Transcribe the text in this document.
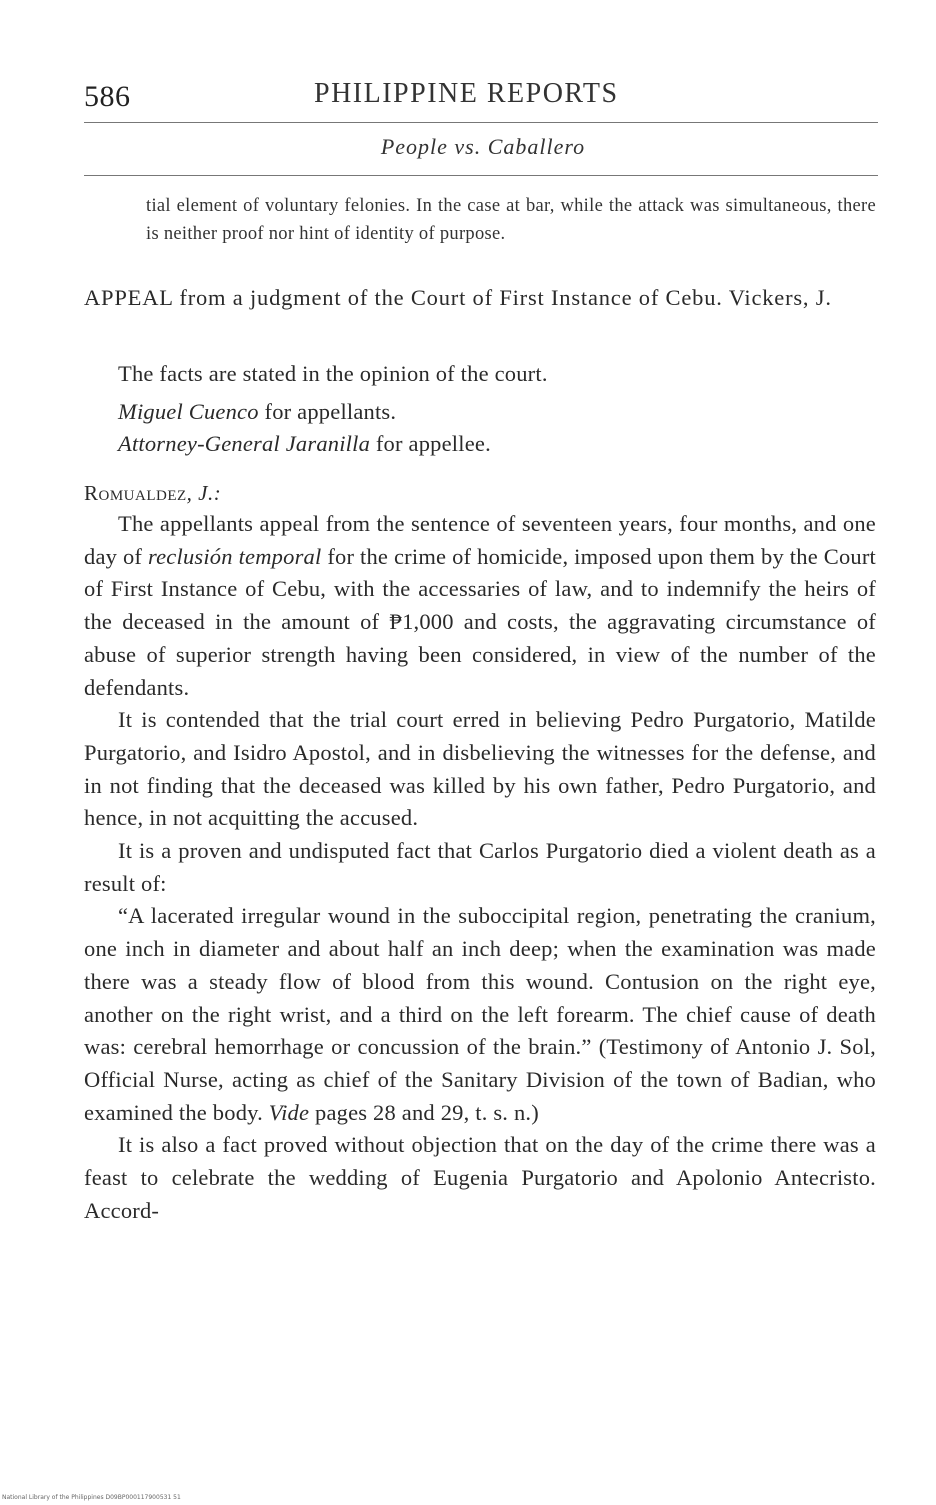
586	PHILIPPINE REPORTS
People vs. Caballero

tial element of voluntary felonies. In the case at bar, while the attack was simultaneous, there is neither proof nor hint of identity of purpose.

APPEAL from a judgment of the Court of First Instance of Cebu. Vickers, J.

The facts are stated in the opinion of the court.

Miguel Cuenco for appellants.

Attorney-General Jaranilla for appellee.

Romualdez, J.:

The appellants appeal from the sentence of seventeen years, four months, and one day of reclusión temporal for the crime of homicide, imposed upon them by the Court of First Instance of Cebu, with the accessaries of law, and to indemnify the heirs of the deceased in the amount of ₱1,000 and costs, the aggravating circumstance of abuse of superior strength having been considered, in view of the number of the defendants.

It is contended that the trial court erred in believing Pedro Purgatorio, Matilde Purgatorio, and Isidro Apostol, and in disbelieving the witnesses for the defense, and in not finding that the deceased was killed by his own father, Pedro Purgatorio, and hence, in not acquitting the accused.

It is a proven and undisputed fact that Carlos Purgatorio died a violent death as a result of:

“A lacerated irregular wound in the suboccipital region, penetrating the cranium, one inch in diameter and about half an inch deep; when the examination was made there was a steady flow of blood from this wound. Contusion on the right eye, another on the right wrist, and a third on the left forearm. The chief cause of death was: cerebral hemorrhage or concussion of the brain.” (Testimony of Antonio J. Sol, Official Nurse, acting as chief of the Sanitary Division of the town of Badian, who examined the body. Vide pages 28 and 29, t. s. n.)

It is also a fact proved without objection that on the day of the crime there was a feast to celebrate the wedding of Eugenia Purgatorio and Apolonio Antecristo. Accord-

National Library of the Philippines D09BP000117900531 51
